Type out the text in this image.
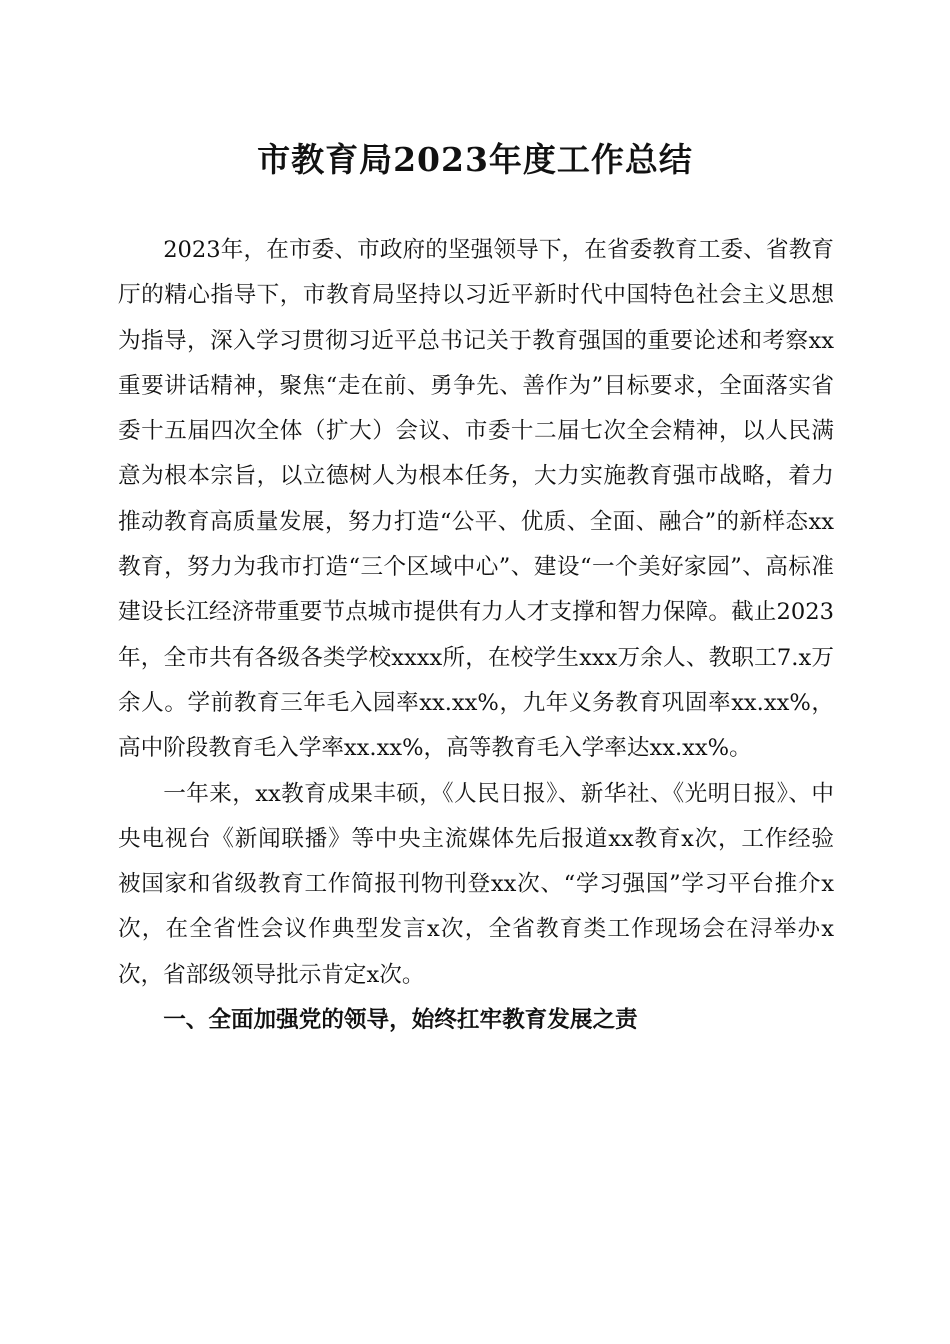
市教育局2023年度工作总结

2023年，在市委、市政府的坚强领导下，在省委教育工委、省教育厅的精心指导下，市教育局坚持以习近平新时代中国特色社会主义思想为指导，深入学习贯彻习近平总书记关于教育强国的重要论述和考察xx重要讲话精神，聚焦“走在前、勇争先、善作为”目标要求，全面落实省委十五届四次全体（扩大）会议、市委十二届七次全会精神，以人民满意为根本宗旨，以立德树人为根本任务，大力实施教育强市战略，着力推动教育高质量发展，努力打造“公平、优质、全面、融合”的新样态xx教育，努力为我市打造“三个区域中心”、建设“一个美好家园”、高标准建设长江经济带重要节点城市提供有力人才支撑和智力保障。截止2023年，全市共有各级各类学校xxxx所，在校学生xxx万余人、教职工7.x万余人。学前教育三年毛入园率xx.xx%，九年义务教育巩固率xx.xx%，高中阶段教育毛入学率xx.xx%，高等教育毛入学率达xx.xx%。

一年来，xx教育成果丰硕，《人民日报》、新华社、《光明日报》、中央电视台《新闻联播》等中央主流媒体先后报道xx教育x次，工作经验被国家和省级教育工作简报刊物刊登xx次、“学习强国”学习平台推介x次，在全省性会议作典型发言x次，全省教育类工作现场会在浔举办x次，省部级领导批示肯定x次。

一、全面加强党的领导，始终扛牢教育发展之责
